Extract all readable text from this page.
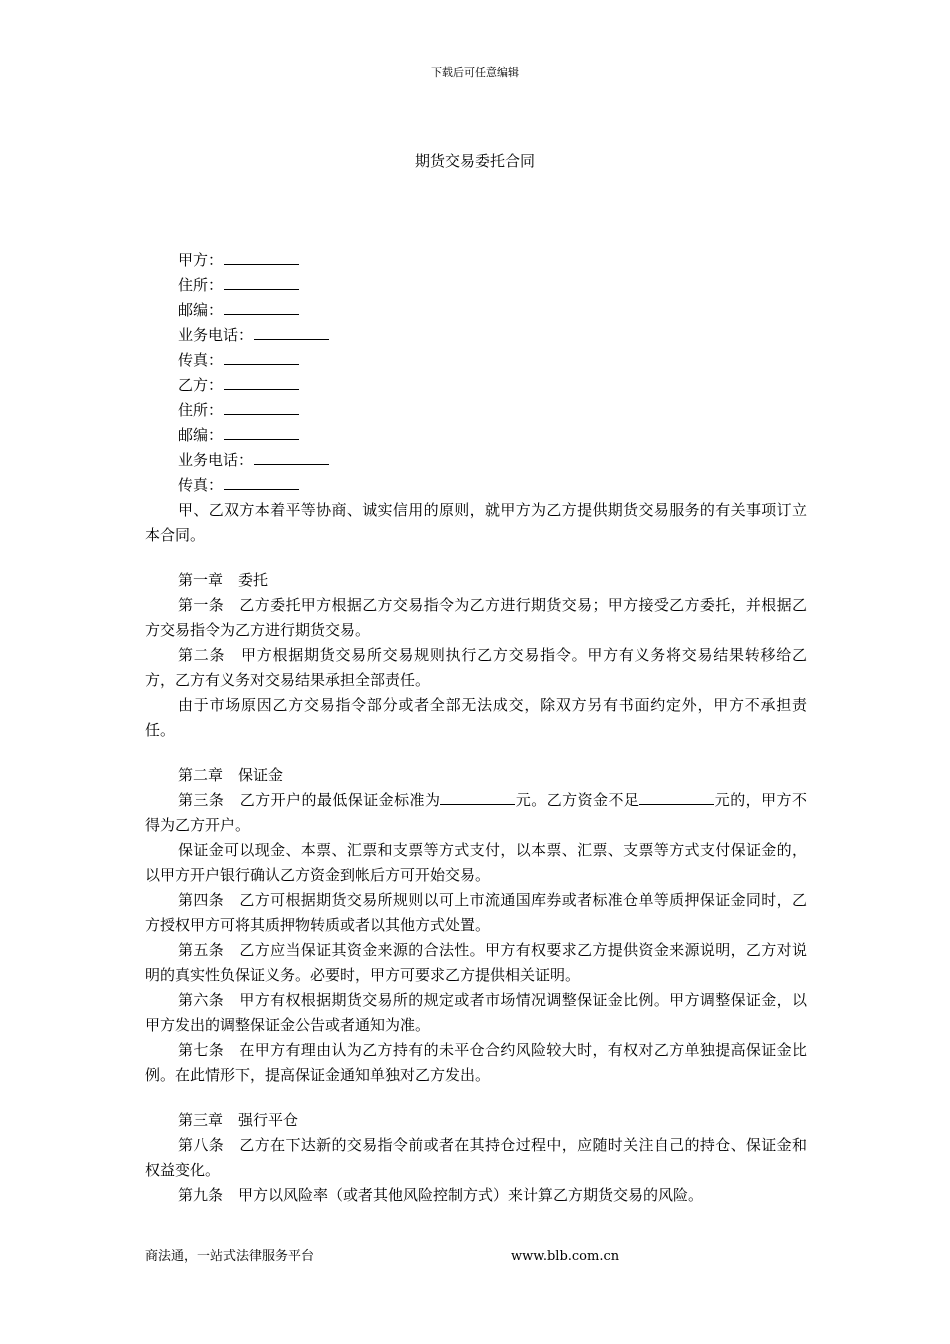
下载后可任意编辑
期货交易委托合同
甲方：
住所：
邮编：
业务电话：
传真：
乙方：
住所：
邮编：
业务电话：
传真：
甲、乙双方本着平等协商、诚实信用的原则，就甲方为乙方提供期货交易服务的有关事项订立本合同。
第一章　委托
第一条　乙方委托甲方根据乙方交易指令为乙方进行期货交易；甲方接受乙方委托，并根据乙方交易指令为乙方进行期货交易。
第二条　甲方根据期货交易所交易规则执行乙方交易指令。甲方有义务将交易结果转移给乙方，乙方有义务对交易结果承担全部责任。
由于市场原因乙方交易指令部分或者全部无法成交，除双方另有书面约定外，甲方不承担责任。
第二章　保证金
第三条　乙方开户的最低保证金标准为	元。乙方资金不足	元的，甲方不得为乙方开户。
保证金可以现金、本票、汇票和支票等方式支付，以本票、汇票、支票等方式支付保证金的，以甲方开户银行确认乙方资金到帐后方可开始交易。
第四条　乙方可根据期货交易所规则以可上市流通国库券或者标准仓单等质押保证金同时，乙方授权甲方可将其质押物转质或者以其他方式处置。
第五条　乙方应当保证其资金来源的合法性。甲方有权要求乙方提供资金来源说明，乙方对说明的真实性负保证义务。必要时，甲方可要求乙方提供相关证明。
第六条　甲方有权根据期货交易所的规定或者市场情况调整保证金比例。甲方调整保证金，以甲方发出的调整保证金公告或者通知为准。
第七条　在甲方有理由认为乙方持有的未平仓合约风险较大时，有权对乙方单独提高保证金比例。在此情形下，提高保证金通知单独对乙方发出。
第三章　强行平仓
第八条　乙方在下达新的交易指令前或者在其持仓过程中，应随时关注自己的持仓、保证金和权益变化。
第九条　甲方以风险率（或者其他风险控制方式）来计算乙方期货交易的风险。
商法通，一站式法律服务平台	www.blb.com.cn
